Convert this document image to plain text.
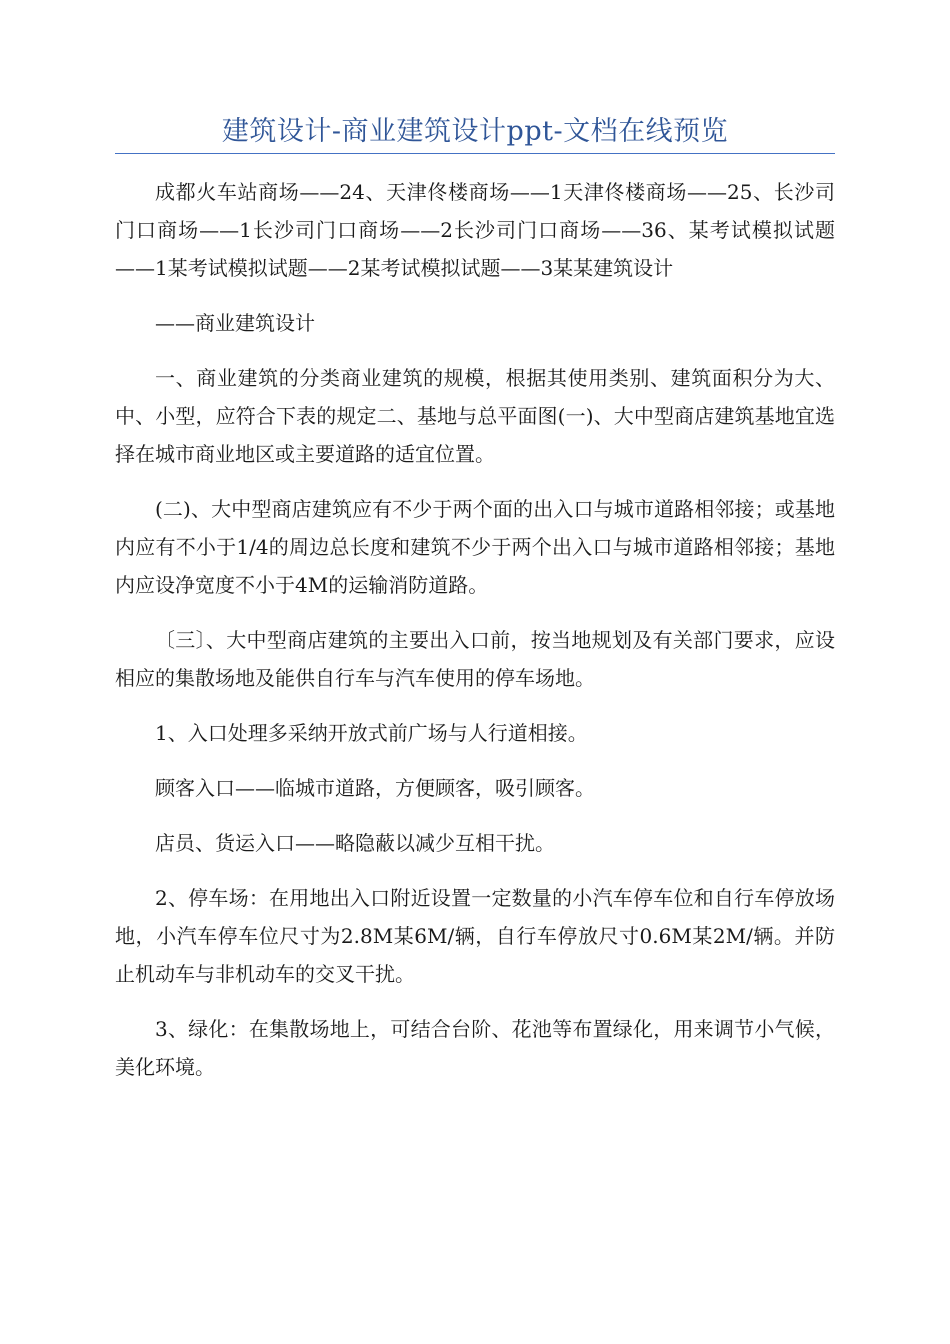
建筑设计-商业建筑设计ppt-文档在线预览

成都火车站商场——24、天津佟楼商场——1天津佟楼商场——25、长沙司门口商场——1长沙司门口商场——2长沙司门口商场——36、某考试模拟试题——1某考试模拟试题——2某考试模拟试题——3某某建筑设计

——商业建筑设计

一、商业建筑的分类商业建筑的规模，根据其使用类别、建筑面积分为大、中、小型，应符合下表的规定二、基地与总平面图(一)、大中型商店建筑基地宜选择在城市商业地区或主要道路的适宜位置。

(二)、大中型商店建筑应有不少于两个面的出入口与城市道路相邻接；或基地内应有不小于1/4的周边总长度和建筑不少于两个出入口与城市道路相邻接；基地内应设净宽度不小于4M的运输消防道路。

〔三〕、大中型商店建筑的主要出入口前，按当地规划及有关部门要求，应设相应的集散场地及能供自行车与汽车使用的停车场地。

1、入口处理多采纳开放式前广场与人行道相接。

顾客入口——临城市道路，方便顾客，吸引顾客。

店员、货运入口——略隐蔽以减少互相干扰。

2、停车场：在用地出入口附近设置一定数量的小汽车停车位和自行车停放场地，小汽车停车位尺寸为2.8M某6M/辆，自行车停放尺寸0.6M某2M/辆。并防止机动车与非机动车的交叉干扰。

3、绿化：在集散场地上，可结合台阶、花池等布置绿化，用来调节小气候，美化环境。
